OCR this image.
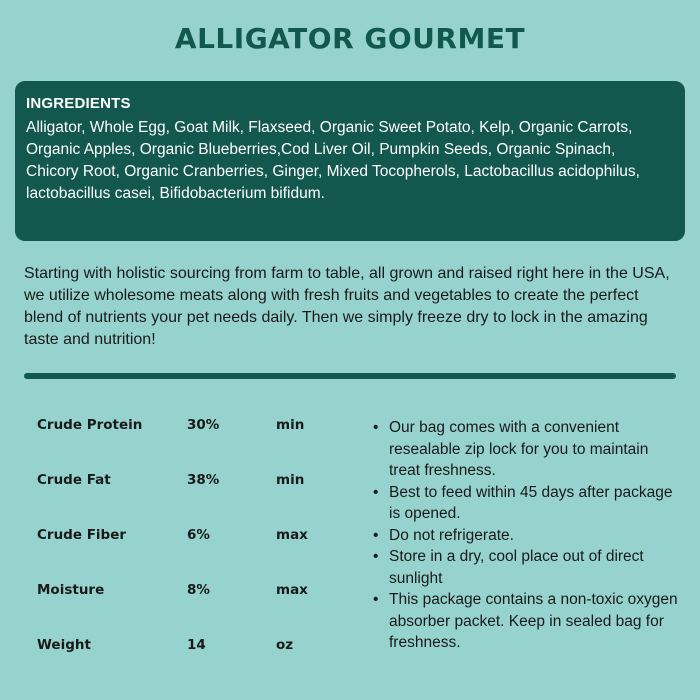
ALLIGATOR GOURMET
INGREDIENTS
Alligator, Whole Egg, Goat Milk, Flaxseed, Organic Sweet Potato, Kelp, Organic Carrots, Organic Apples, Organic Blueberries,Cod Liver Oil, Pumpkin Seeds, Organic Spinach, Chicory Root, Organic Cranberries, Ginger, Mixed Tocopherols, Lactobacillus acidophilus, lactobacillus casei, Bifidobacterium bifidum.
Starting with holistic sourcing from farm to table, all grown and raised right here in the USA, we utilize wholesome meats along with fresh fruits and vegetables to create the perfect blend of nutrients your pet needs daily. Then we simply freeze dry to lock in the amazing taste and nutrition!
Crude Protein	30%	min
Crude Fat	38%	min
Crude Fiber	6%	max
Moisture	8%	max
Weight	14	oz
• Our bag comes with a convenient resealable zip lock for you to maintain treat freshness.
• Best to feed within 45 days after package is opened.
• Do not refrigerate.
• Store in a dry, cool place out of direct sunlight
• This package contains a non-toxic oxygen absorber packet. Keep in sealed bag for freshness.
